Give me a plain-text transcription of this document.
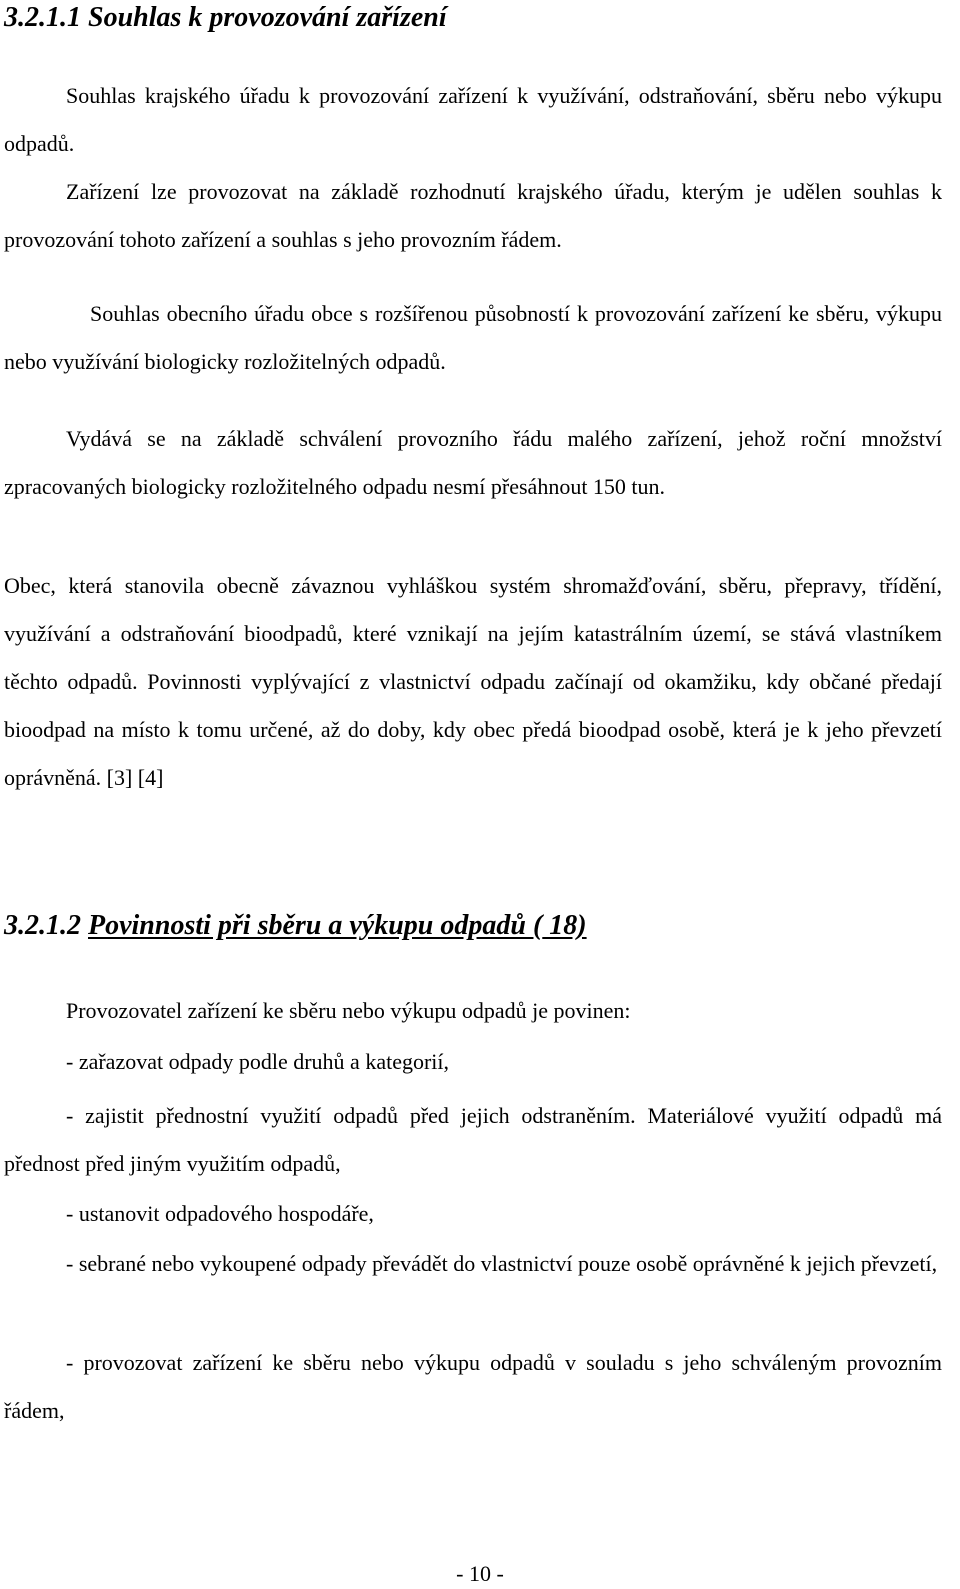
3.2.1.1 Souhlas k provozování zařízení

Souhlas krajského úřadu k provozování zařízení k využívání, odstraňování, sběru nebo výkupu odpadů.

Zařízení lze provozovat na základě rozhodnutí krajského úřadu, kterým je udělen souhlas k provozování tohoto zařízení a souhlas s jeho provozním řádem.

Souhlas obecního úřadu obce s rozšířenou působností k provozování zařízení ke sběru, výkupu nebo využívání biologicky rozložitelných odpadů.

Vydává se na základě schválení provozního řádu malého zařízení, jehož roční množství zpracovaných biologicky rozložitelného odpadu nesmí přesáhnout 150 tun.

Obec, která stanovila obecně závaznou vyhláškou systém shromažďování, sběru, přepravy, třídění, využívání a odstraňování bioodpadů, které vznikají na jejím katastrálním území, se stává vlastníkem těchto odpadů. Povinnosti vyplývající z vlastnictví odpadu začínají od okamžiku, kdy občané předají bioodpad na místo k tomu určené, až do doby, kdy obec předá bioodpad osobě, která je k jeho převzetí oprávněná. [3] [4]

3.2.1.2 Povinnosti při sběru a výkupu odpadů ( 18)

Provozovatel zařízení ke sběru nebo výkupu odpadů je povinen:

- zařazovat odpady podle druhů a kategorií,

- zajistit přednostní využití odpadů před jejich odstraněním. Materiálové využití odpadů má přednost před jiným využitím odpadů,

- ustanovit odpadového hospodáře,

- sebrané nebo vykoupené odpady převádět do vlastnictví pouze osobě oprávněné k jejich převzetí,

- provozovat zařízení ke sběru nebo výkupu odpadů v souladu s jeho schváleným provozním řádem,

- 10 -
